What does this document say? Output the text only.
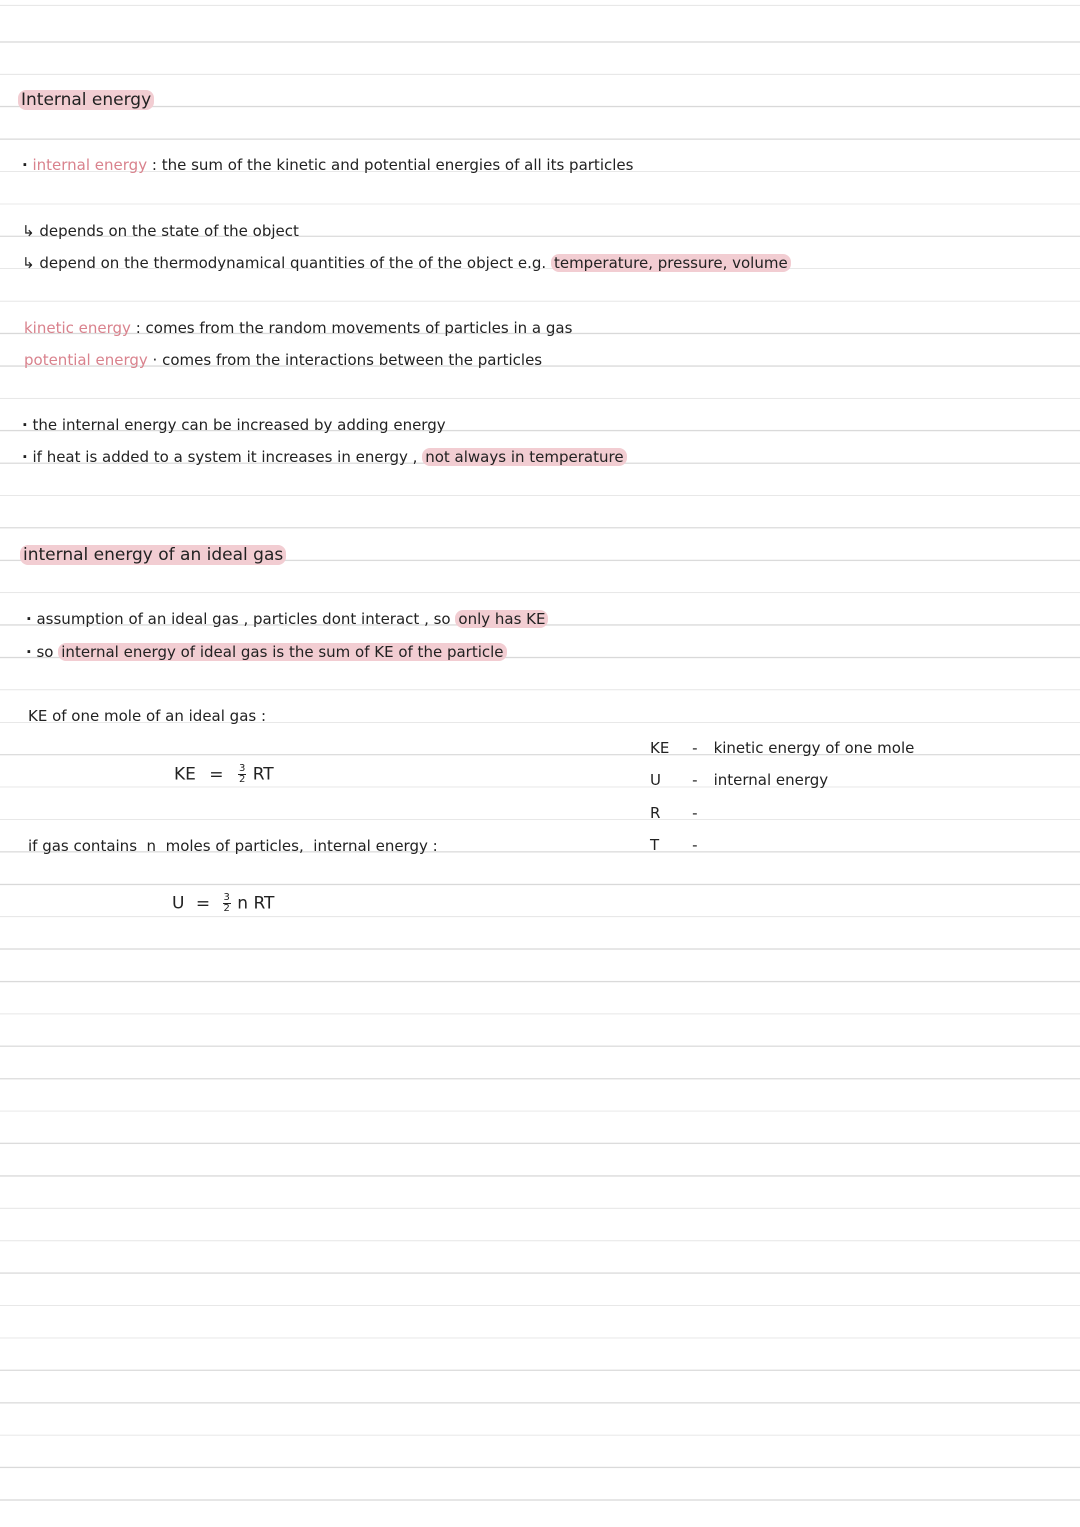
Internal energy
· internal energy : the sum of the kinetic and potential energies of all its particles
↳ depends on the state of the object
↳ depend on the thermodynamical quantities of the of the object e.g. temperature, pressure, volume
kinetic energy : comes from the random movements of particles in a gas
potential energy · comes from the interactions between the particles
· the internal energy can be increased by adding energy
· if heat is added to a system it increases in energy , not always in temperature
internal energy of an ideal gas
· assumption of an ideal gas , particles dont interact , so only has KE
· so internal energy of ideal gas is the sum of KE of the particle
KE of one mole of an ideal gas :
KE = $\frac{3}{2}$ RT
KE - kinetic energy of one mole
U - internal energy
R -
T -
if gas contains  n  moles of particles,  internal energy :
$U = \frac{3}{2}$ n RT
